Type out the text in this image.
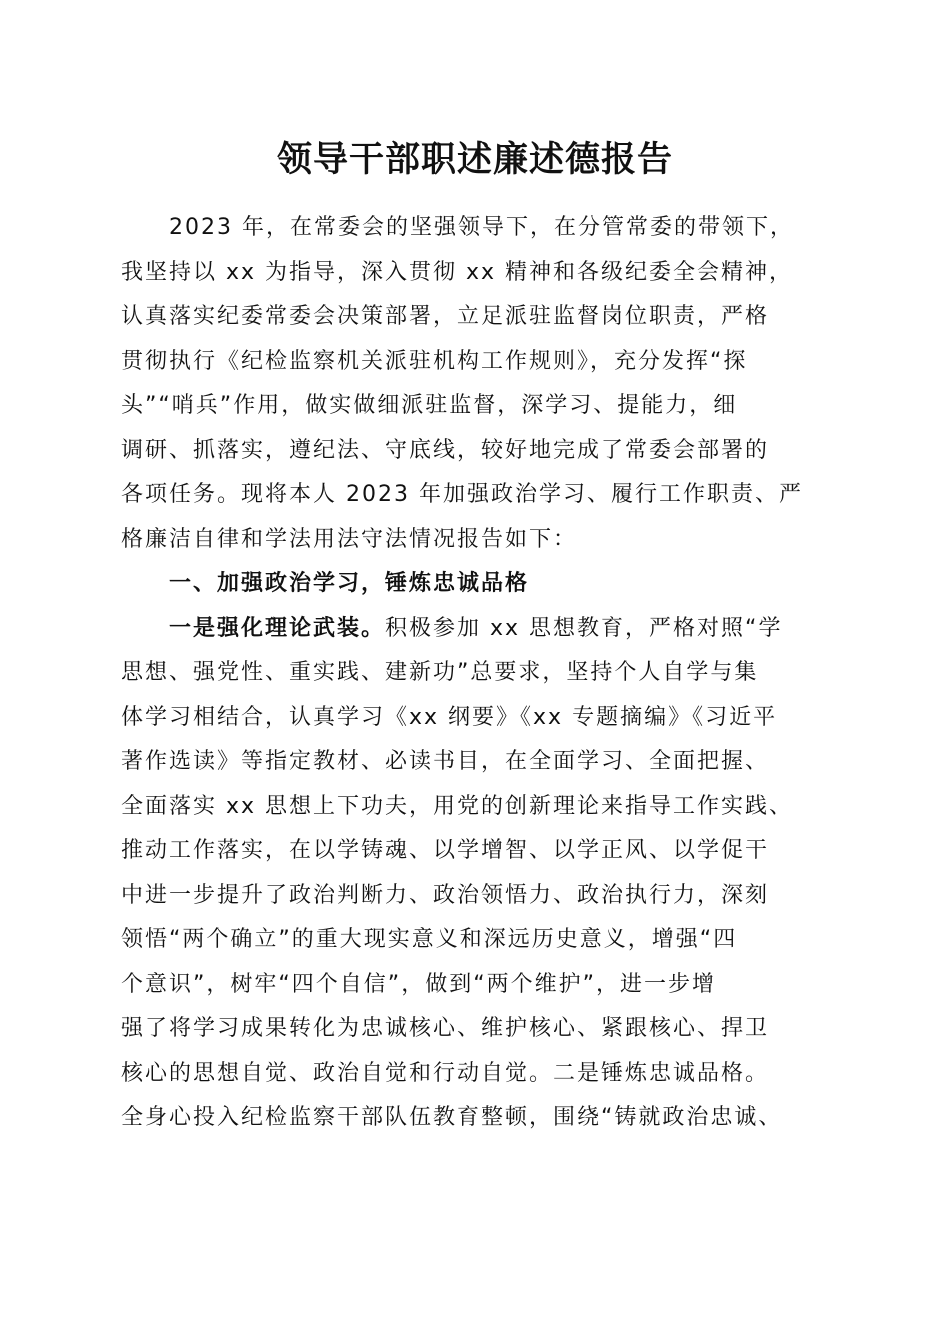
领导干部职述廉述德报告
2023 年，在常委会的坚强领导下，在分管常委的带领下，
我坚持以 xx 为指导，深入贯彻 xx 精神和各级纪委全会精神，
认真落实纪委常委会决策部署，立足派驻监督岗位职责，严格
贯彻执行《纪检监察机关派驻机构工作规则》，充分发挥“探
头”“哨兵”作用，做实做细派驻监督，深学习、提能力，细
调研、抓落实，遵纪法、守底线，较好地完成了常委会部署的
各项任务。现将本人 2023 年加强政治学习、履行工作职责、严
格廉洁自律和学法用法守法情况报告如下：
一、加强政治学习，锤炼忠诚品格
一是强化理论武装。积极参加 xx 思想教育，严格对照“学
思想、强党性、重实践、建新功”总要求，坚持个人自学与集
体学习相结合，认真学习《xx 纲要》《xx 专题摘编》《习近平
著作选读》等指定教材、必读书目，在全面学习、全面把握、
全面落实 xx 思想上下功夫，用党的创新理论来指导工作实践、
推动工作落实，在以学铸魂、以学增智、以学正风、以学促干
中进一步提升了政治判断力、政治领悟力、政治执行力，深刻
领悟“两个确立”的重大现实意义和深远历史意义，增强“四
个意识”，树牢“四个自信”，做到“两个维护”，进一步增
强了将学习成果转化为忠诚核心、维护核心、紧跟核心、捍卫
核心的思想自觉、政治自觉和行动自觉。二是锤炼忠诚品格。
全身心投入纪检监察干部队伍教育整顿，围绕“铸就政治忠诚、
